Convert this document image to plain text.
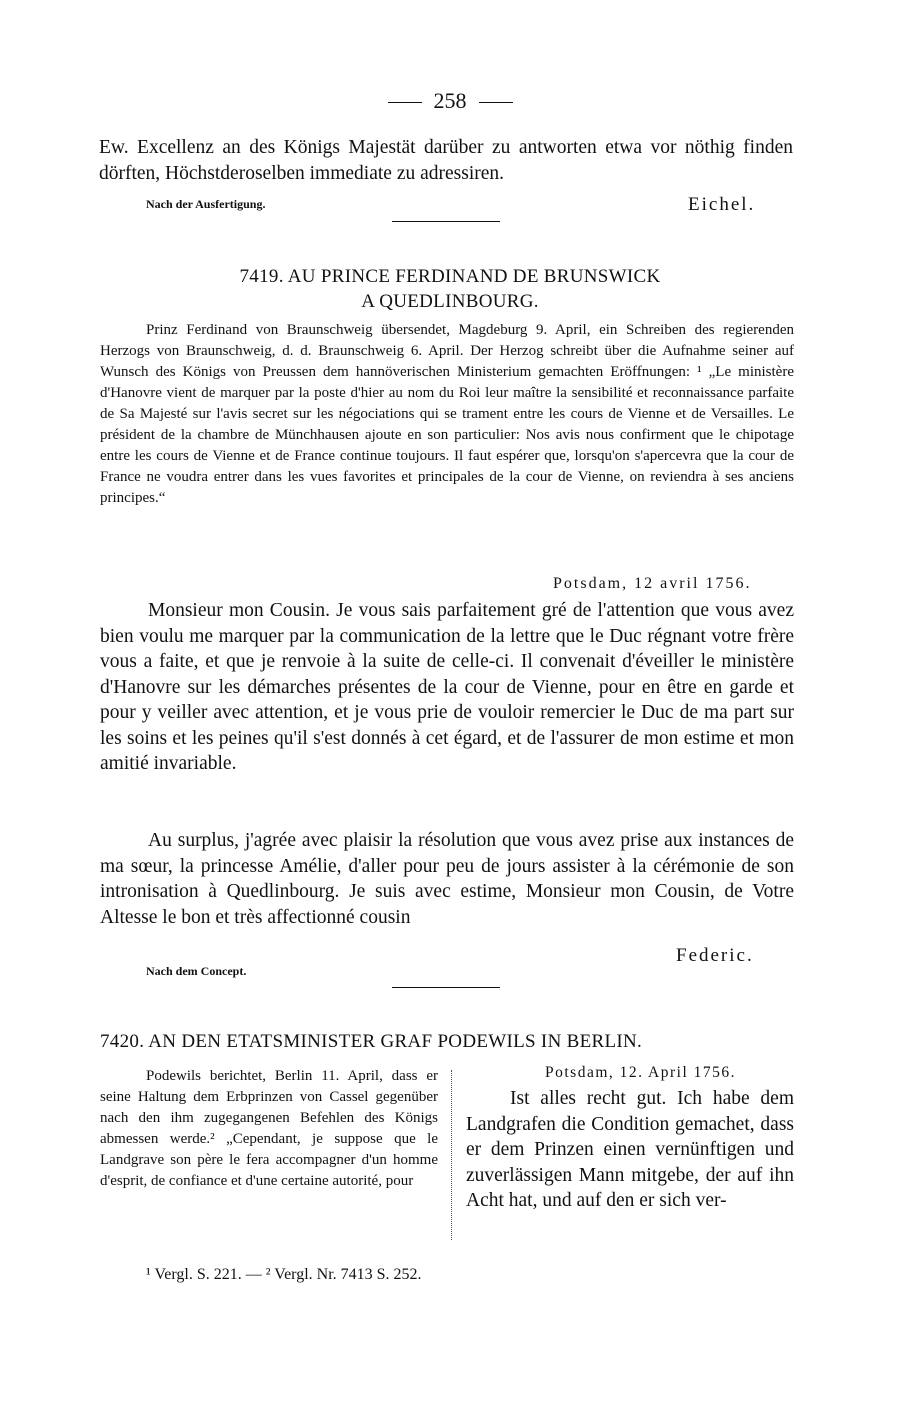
258

Ew. Excellenz an des Königs Majestät darüber zu antworten etwa vor nöthig finden dörften, Höchstderoselben immediate zu adressiren.

Nach der Ausfertigung.	Eichel.
7419. AU PRINCE FERDINAND DE BRUNSWICK
A QUEDLINBOURG.

Prinz Ferdinand von Braunschweig übersendet, Magdeburg 9. April, ein Schreiben des regierenden Herzogs von Braunschweig, d. d. Braunschweig 6. April. Der Herzog schreibt über die Aufnahme seiner auf Wunsch des Königs von Preussen dem hannöverischen Ministerium gemachten Eröffnungen: ¹ „Le ministère d'Hanovre vient de marquer par la poste d'hier au nom du Roi leur maître la sensibilité et reconnaissance parfaite de Sa Majesté sur l'avis secret sur les négociations qui se trament entre les cours de Vienne et de Versailles. Le président de la chambre de Münchhausen ajoute en son particulier: Nos avis nous confirment que le chipotage entre les cours de Vienne et de France continue toujours. Il faut espérer que, lorsqu'on s'apercevra que la cour de France ne voudra entrer dans les vues favorites et principales de la cour de Vienne, on reviendra à ses anciens principes.“

Potsdam, 12 avril 1756.

Monsieur mon Cousin. Je vous sais parfaitement gré de l'attention que vous avez bien voulu me marquer par la communication de la lettre que le Duc régnant votre frère vous a faite, et que je renvoie à la suite de celle-ci. Il convenait d'éveiller le ministère d'Hanovre sur les démarches présentes de la cour de Vienne, pour en être en garde et pour y veiller avec attention, et je vous prie de vouloir remercier le Duc de ma part sur les soins et les peines qu'il s'est donnés à cet égard, et de l'assurer de mon estime et mon amitié invariable.

Au surplus, j'agrée avec plaisir la résolution que vous avez prise aux instances de ma sœur, la princesse Amélie, d'aller pour peu de jours assister à la cérémonie de son intronisation à Quedlinbourg. Je suis avec estime, Monsieur mon Cousin, de Votre Altesse le bon et très affectionné cousin

Federic.
Nach dem Concept.
7420. AN DEN ETATSMINISTER GRAF PODEWILS IN BERLIN.

Podewils berichtet, Berlin 11. April, dass er seine Haltung dem Erbprinzen von Cassel gegenüber nach den ihm zugegangenen Befehlen des Königs abmessen werde.² „Cependant, je suppose que le Landgrave son père le fera accompagner d'un homme d'esprit, de confiance et d'une certaine autorité, pour

Potsdam, 12. April 1756.

Ist alles recht gut. Ich habe dem Landgrafen die Condition gemachet, dass er dem Prinzen einen vernünftigen und zuverlässigen Mann mitgebe, der auf ihn Acht hat, und auf den er sich ver-

¹ Vergl. S. 221. — ² Vergl. Nr. 7413 S. 252.
